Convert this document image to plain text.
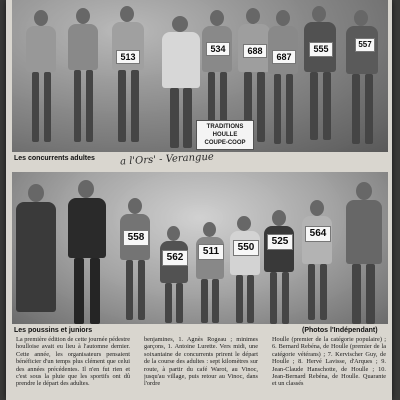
513
534	688
687
555	557
TRADITIONS
HOULLE
COUPE-COOP
Les concurrents adultes a l'Ors' - Verangue
558
562
511	550
525
564
Les poussins et juniors	(Photos l'Indépendant)

La première édition de cette journée pédestre houlloise avait eu lieu à l'automne dernier. Cette année, les organisateurs pensaient bénéficier d'un temps plus clément que celui des années précédentes. Il n'en fut rien et c'est sous la pluie que les sportifs ont dû prendre le départ des adultes.

benjamines, 1. Agnès Rogeau ; minimes garçons, 1. Antoine Lurette. Vers midi, une soixantaine de concurrents prirent le départ de la course des adultes : sept kilomètres sur route, à partir du café Warot, au Vinoc, jusqu'au village, puis retour au Vinoc, dans l'ordre

Houlle (premier de la catégorie populaire) ; 6. Bernard Rebéna, de Houlle (premier de la catégorie vétérans) ; 7. Kervischer Guy, de Houlle ; 8. Hervé Lavisse, d'Arques ; 9. Jean-Claude Hanschotte, de Houlle ; 10. Jean-Bernard Rebéna, de Houlle. Quarante et un classés
